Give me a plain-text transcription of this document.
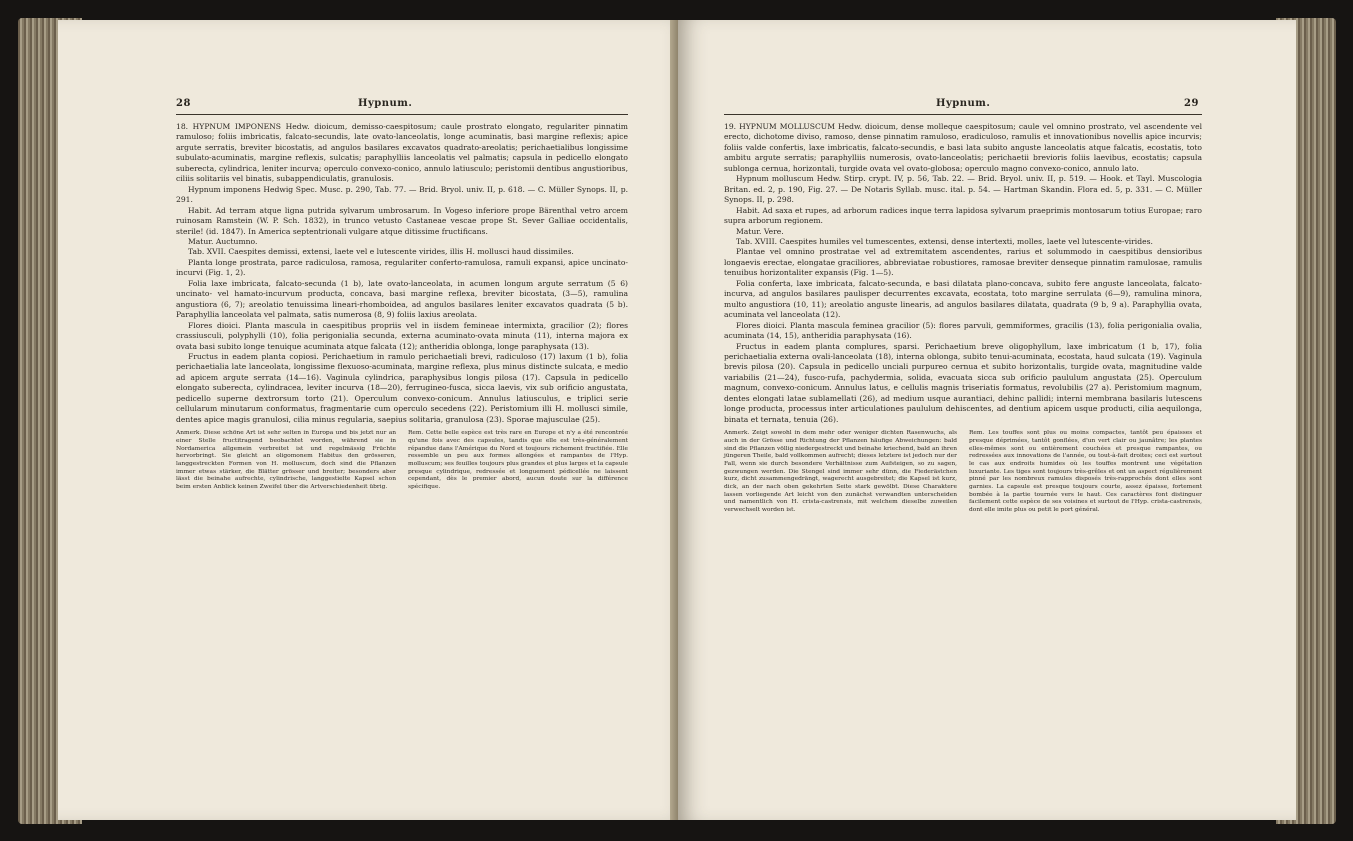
28	Hypnum.

18. HYPNUM IMPONENS Hedw. dioicum, demisso-caespitosum; caule prostrato elongato, regulariter pinnatim ramuloso; foliis imbricatis, falcato-secundis, late ovato-lanceolatis, longe acuminatis, basi margine reflexis; apice argute serratis, breviter bicostatis, ad angulos basilares excavatos quadrato-areolatis; perichaetialibus longissime subulato-acuminatis, margine reflexis, sulcatis; paraphylliis lanceolatis vel palmatis; capsula in pedicello elongato suberecta, cylindrica, leniter incurva; operculo convexo-conico, annulo latiusculo; peristomii dentibus angustioribus, ciliis solitariis vel binatis, subappendiculatis, granulosis.

Hypnum imponens Hedwig Spec. Musc. p. 290, Tab. 77. — Brid. Bryol. univ. II, p. 618. — C. Müller Synops. II, p. 291.

Habit. Ad terram atque ligna putrida sylvarum umbrosarum. In Vogeso inferiore prope Bärenthal vetro arcem ruinosam Ramstein (W. P. Sch. 1832), in trunco vetusto Castaneae vescae prope St. Sever Galliae occidentalis, sterile! (id. 1847). In America septentrionali vulgare atque ditissime fructificans.

Matur. Auctumno.

Tab. XVII. Caespites demissi, extensi, laete vel e lutescente virides, illis H. mollusci haud dissimiles.

Planta longe prostrata, parce radiculosa, ramosa, regulariter conferto-ramulosa, ramuli expansi, apice uncinato-incurvi (Fig. 1, 2).

Folia laxe imbricata, falcato-secunda (1 b), late ovato-lanceolata, in acumen longum argute serratum (5 6) uncinato- vel hamato-incurvum producta, concava, basi margine reflexa, breviter bicostata, (3—5), ramulina angustiora (6, 7); areolatio tenuissima lineari-rhomboidea, ad angulos basilares leniter excavatos quadrata (5 b). Paraphyllia lanceolata vel palmata, satis numerosa (8, 9) foliis laxius areolata.

Flores dioici. Planta mascula in caespitibus propriis vel in iisdem femineae intermixta, gracilior (2); flores crassiusculi, polyphylli (10), folia perigonialia secunda, externa acuminato-ovata minuta (11), interna majora ex ovata basi subito longe tenuique acuminata atque falcata (12); antheridia oblonga, longe paraphysata (13).

Fructus in eadem planta copiosi. Perichaetium in ramulo perichaetiali brevi, radiculoso (17) laxum (1 b), folia perichaetialia late lanceolata, longissime flexuoso-acuminata, margine reflexa, plus minus distincte sulcata, e medio ad apicem argute serrata (14—16). Vaginula cylindrica, paraphysibus longis pilosa (17). Capsula in pedicello elongato suberecta, cylindracea, leviter incurva (18—20), ferrugineo-fusca, sicca laevis, vix sub orificio angustata, pedicello superne dextrorsum torto (21). Operculum convexo-conicum. Annulus latiusculus, e triplici serie cellularum minutarum conformatus, fragmentarie cum operculo secedens (22). Peristomium illi H. mollusci simile, dentes apice magis granulosi, cilia minus regularia, saepius solitaria, granulosa (23). Sporae majusculae (25).

Anmerk. Diese schöne Art ist sehr selten in Europa und bis jetzt nur an einer Stelle fructitragend beobachtet worden, während sie in Nordamerica allgemein verbreitet ist und regelmässig Früchte hervorbringt. Sie gleicht an oligomonem Habitus den grösseren, langgestreckten Formen von H. molluscum, doch sind die Pflanzen immer etwas stärker, die Blätter grösser und breiter; besonders aber lässt die beinahe aufrechte, cylindrische, langgestielte Kapsel schon beim ersten Anblick keinen Zweifel über die Artverschiedenheit übrig.
Rem. Cette belle espèce est très rare en Europe et n'y a été rencontrée qu'une fois avec des capsules, tandis que elle est très-généralement répandue dans l'Amérique du Nord et toujours richement fructifiée. Elle ressemble un peu aux formes allongées et rampantes de l'Hyp. molluscum; ses feuilles toujours plus grandes et plus larges et la capsule presque cylindrique, redressée et longuement pédicellée ne laissent cependant, dès le premier abord, aucun doute sur la différence spécifique.
Hypnum.	29

19. HYPNUM MOLLUSCUM Hedw. dioicum, dense molleque caespitosum; caule vel omnino prostrato, vel ascendente vel erecto, dichotome diviso, ramoso, dense pinnatim ramuloso, eradiculoso, ramulis et innovationibus novellis apice incurvis; foliis valde confertis, laxe imbricatis, falcato-secundis, e basi lata subito anguste lanceolatis atque falcatis, ecostatis, toto ambitu argute serratis; paraphylliis numerosis, ovato-lanceolatis; perichaetii brevioris foliis laevibus, ecostatis; capsula sublonga cernua, horizontali, turgide ovata vel ovato-globosa; operculo magno convexo-conico, annulo lato.

Hypnum molluscum Hedw. Stirp. crypt. IV, p. 56, Tab. 22. — Brid. Bryol. univ. II, p. 519. — Hook. et Tayl. Muscologia Britan. ed. 2, p. 190, Fig. 27. — De Notaris Syllab. musc. ital. p. 54. — Hartman Skandin. Flora ed. 5, p. 331. — C. Müller Synops. II, p. 298.

Habit. Ad saxa et rupes, ad arborum radices inque terra lapidosa sylvarum praeprimis montosarum totius Europae; raro supra arborum regionem.

Matur. Vere.

Tab. XVIII. Caespites humiles vel tumescentes, extensi, dense intertexti, molles, laete vel lutescente-virides.

Plantae vel omnino prostratae vel ad extremitatem ascendentes, rarius et solummodo in caespitibus densioribus longaevis erectae, elongatae graciliores, abbreviatae robustiores, ramosae breviter denseque pinnatim ramulosae, ramulis tenuibus horizontaliter expansis (Fig. 1—5).

Folia conferta, laxe imbricata, falcato-secunda, e basi dilatata plano-concava, subito fere anguste lanceolata, falcato-incurva, ad angulos basilares paulisper decurrentes excavata, ecostata, toto margine serrulata (6—9), ramulina minora, multo angustiora (10, 11); areolatio anguste linearis, ad angulos basilares dilatata, quadrata (9 b, 9 a). Paraphyllia ovata, acuminata vel lanceolata (12).

Flores dioici. Planta mascula feminea gracilior (5): flores parvuli, gemmiformes, gracilis (13), folia perigonialia ovalia, acuminata (14, 15), antheridia paraphysata (16).

Fructus in eadem planta complures, sparsi. Perichaetium breve oligophyllum, laxe imbricatum (1 b, 17), folia perichaetialia externa ovali-lanceolata (18), interna oblonga, subito tenui-acuminata, ecostata, haud sulcata (19). Vaginula brevis pilosa (20). Capsula in pedicello unciali purpureo cernua et subito horizontalis, turgide ovata, magnitudine valde variabilis (21—24), fusco-rufa, pachydermia, solida, evacuata sicca sub orificio paululum angustata (25). Operculum magnum, convexo-conicum. Annulus latus, e cellulis magnis triseriatis formatus, revolubilis (27 a). Peristomium magnum, dentes elongati latae sublamellati (26), ad medium usque aurantiaci, dehinc pallidi; interni membrana basilaris lutescens longe producta, processus inter articulationes paululum dehiscentes, ad dentium apicem usque producti, cilia aequilonga, binata et ternata, tenuia (26).

Anmerk. Zeigt sowohl in dem mehr oder weniger dichten Rasenwuchs, als auch in der Grösse und Richtung der Pflanzen häufige Abweichungen: bald sind die Pflanzen völlig niedergestreckt und beinahe kriechend, bald an ihren jüngeren Theile, bald vollkommen aufrecht; dieses letztere ist jedoch nur der Fall, wenn sie durch besondere Verhältnisse zum Aufsteigen, so zu sagen, gezwungen werden. Die Stengel sind immer sehr dünn, die Fiederästchen kurz, dicht zusammengedrängt, wagerecht ausgebreitet; die Kapsel ist kurz, dick, an der nach oben gekehrten Seite stark gewölbt. Diese Charaktere lassen vorliegende Art leicht von den zunächst verwandten unterscheiden und namentlich von H. crista-castrensis, mit welchem dieselbe zuweilen verwechselt worden ist.
Rem. Les touffes sont plus ou moins compactes, tantôt peu épaisses et presque déprimées, tantôt gonflées, d'un vert clair ou jaunâtre; les plantes elles-mêmes sont ou entièrement couchées et presque rampantes, ou redressées aux innovations de l'année, ou tout-à-fait droites; ceci est surtout le cas aux endroits humides où les touffes montrent une végétation luxuriante. Les tiges sont toujours très-grêles et ont un aspect régulièrement pinné par les nombreux ramules disposés très-rapprochés dont elles sont garnies. La capsule est presque toujours courte, assez épaisse, fortement bombée à la partie tournée vers le haut. Ces caractères font distinguer facilement cette espèce de ses voisines et surtout de l'Hyp. crista-castrensis, dont elle imite plus ou petit le port général.
